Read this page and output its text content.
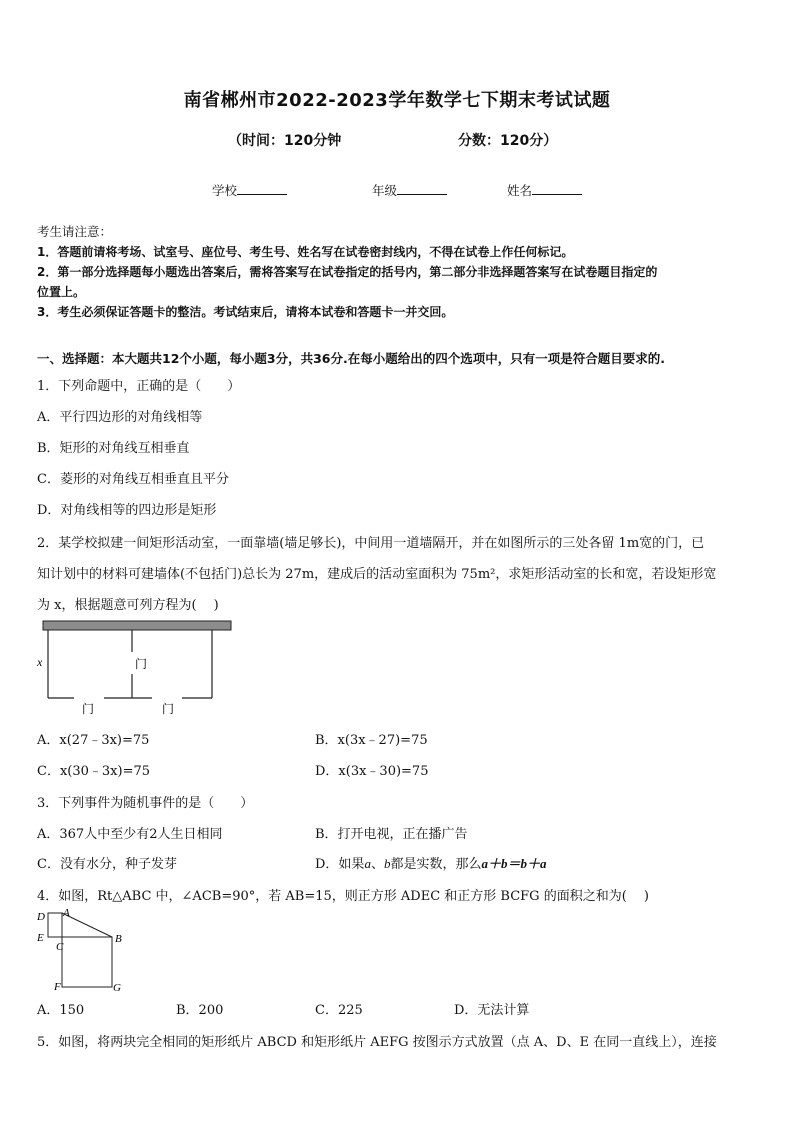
南省郴州市2022-2023学年数学七下期末考试试题
（时间：120分钟	分数：120分）
学校	年级	姓名
考生请注意：
1．答题前请将考场、试室号、座位号、考生号、姓名写在试卷密封线内，不得在试卷上作任何标记。
2．第一部分选择题每小题选出答案后，需将答案写在试卷指定的括号内，第二部分非选择题答案写在试卷题目指定的
位置上。
3．考生必须保证答题卡的整洁。考试结束后，请将本试卷和答题卡一并交回。
一、选择题：本大题共12个小题，每小题3分，共36分.在每小题给出的四个选项中，只有一项是符合题目要求的.
1．下列命题中，正确的是（　　）
A．平行四边形的对角线相等
B．矩形的对角线互相垂直
C．菱形的对角线互相垂直且平分
D．对角线相等的四边形是矩形
2．某学校拟建一间矩形活动室，一面靠墙(墙足够长)，中间用一道墙隔开，并在如图所示的三处各留 1m宽的门，已
知计划中的材料可建墙体(不包括门)总长为 27m，建成后的活动室面积为 75m²，求矩形活动室的长和宽，若设矩形宽
为 x，根据题意可列方程为(　 )
x	门
门	门
A．x(27﹣3x)=75	B．x(3x﹣27)=75
C．x(30﹣3x)=75	D．x(3x﹣30)=75
3．下列事件为随机事件的是（　　）
A．367人中至少有2人生日相同	B．打开电视，正在播广告
C．没有水分，种子发芽	D．如果a、b都是实数，那么a＋b＝b＋a
4．如图，Rt△ABC 中，∠ACB=90°，若 AB=15，则正方形 ADEC 和正方形 BCFG 的面积之和为(　 )
D A
E
C
B
F	G
A．150	B．200	C．225	D．无法计算
5．如图，将两块完全相同的矩形纸片 ABCD 和矩形纸片 AEFG 按图示方式放置（点 A、D、E 在同一直线上），连接
